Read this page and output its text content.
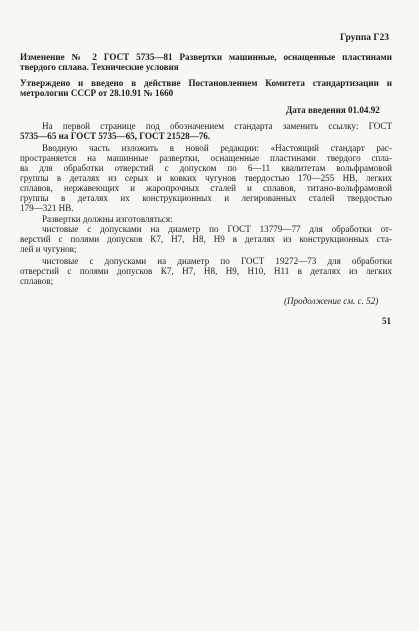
Группа Г23
Изменение № 2 ГОСТ 5735—81 Развертки машинные, оснащенные пластинами
твердого сплава. Технические условия
Утверждено и введено в действие Постановлением Комитета стандартизации и
метрологии СССР от 28.10.91 № 1660
Дата введения 01.04.92
На первой странице под обозначением стандарта заменить ссылку: ГОСТ
5735—65 на ГОСТ 5735—65, ГОСТ 21528—76.
Вводную часть изложить в новой редакции: «Настоящий стандарт рас-
пространяется на машинные развертки, оснащенные пластинами твердого спла-
ва для обработки отверстий с допуском по 6—11 квалитетам вольфрамовой
группы в деталях из серых и ковких чугунов твердостью 170—255 НВ, легких
сплавов, нержавеющих и жаропрочных сталей и сплавов, титано-вольфрамовой
группы в деталях их конструкционных и легированных сталей твердостью
179—321 НВ.
Развертки должны изготовляться:
чистовые с допусками на диаметр по ГОСТ 13779—77 для обработки от-
верстий с полями допусков К7, Н7, Н8, Н9 в деталях из конструкционных ста-
лей и чугунов;
чистовые с допусками на диаметр по ГОСТ 19272—73 для обработки
отверстий с полями допусков К7, Н7, Н8, Н9, Н10, Н11 в деталях из легких
сплавов;
(Продолжение см. с. 52)
51
